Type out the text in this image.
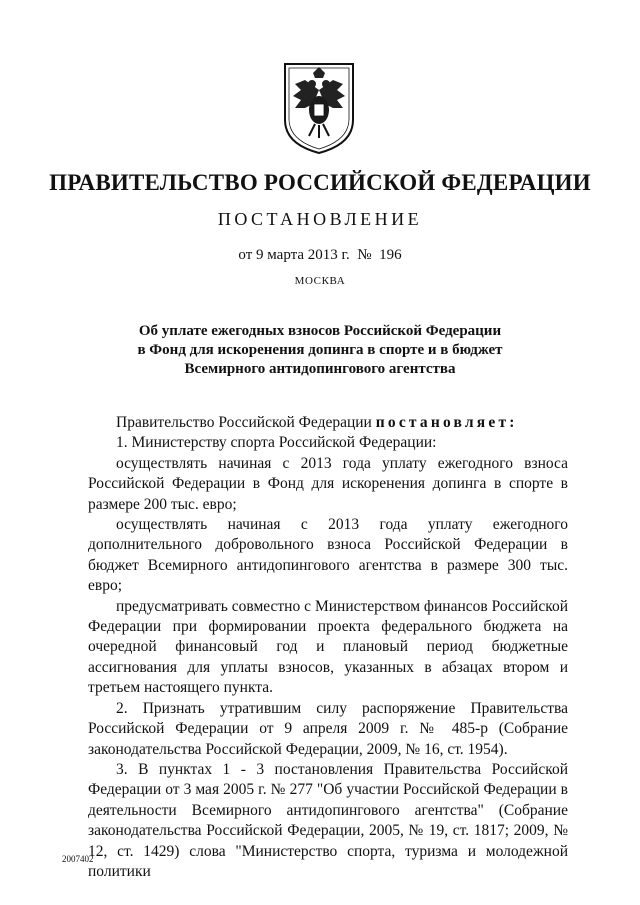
ПРАВИТЕЛЬСТВО РОССИЙСКОЙ ФЕДЕРАЦИИ
ПОСТАНОВЛЕНИЕ
от 9 марта 2013 г. № 196
МОСКВА
Об уплате ежегодных взносов Российской Федерации
в Фонд для искоренения допинга в спорте и в бюджет
Всемирного антидопингового агентства

Правительство Российской Федерации постановляет:

1. Министерству спорта Российской Федерации:

осуществлять начиная с 2013 года уплату ежегодного взноса Российской Федерации в Фонд для искоренения допинга в спорте в размере 200 тыс. евро;

осуществлять начиная с 2013 года уплату ежегодного дополнительного добровольного взноса Российской Федерации в бюджет Всемирного антидопингового агентства в размере 300 тыс. евро;

предусматривать совместно с Министерством финансов Российской Федерации при формировании проекта федерального бюджета на очередной финансовый год и плановый период бюджетные ассигнования для уплаты взносов, указанных в абзацах втором и третьем настоящего пункта.

2. Признать утратившим силу распоряжение Правительства Российской Федерации от 9 апреля 2009 г. № 485-р (Собрание законодательства Российской Федерации, 2009, № 16, ст. 1954).

3. В пунктах 1 - 3 постановления Правительства Российской Федерации от 3 мая 2005 г. № 277 "Об участии Российской Федерации в деятельности Всемирного антидопингового агентства" (Собрание законодательства Российской Федерации, 2005, № 19, ст. 1817; 2009, № 12, ст. 1429) слова "Министерство спорта, туризма и молодежной политики

2007402
